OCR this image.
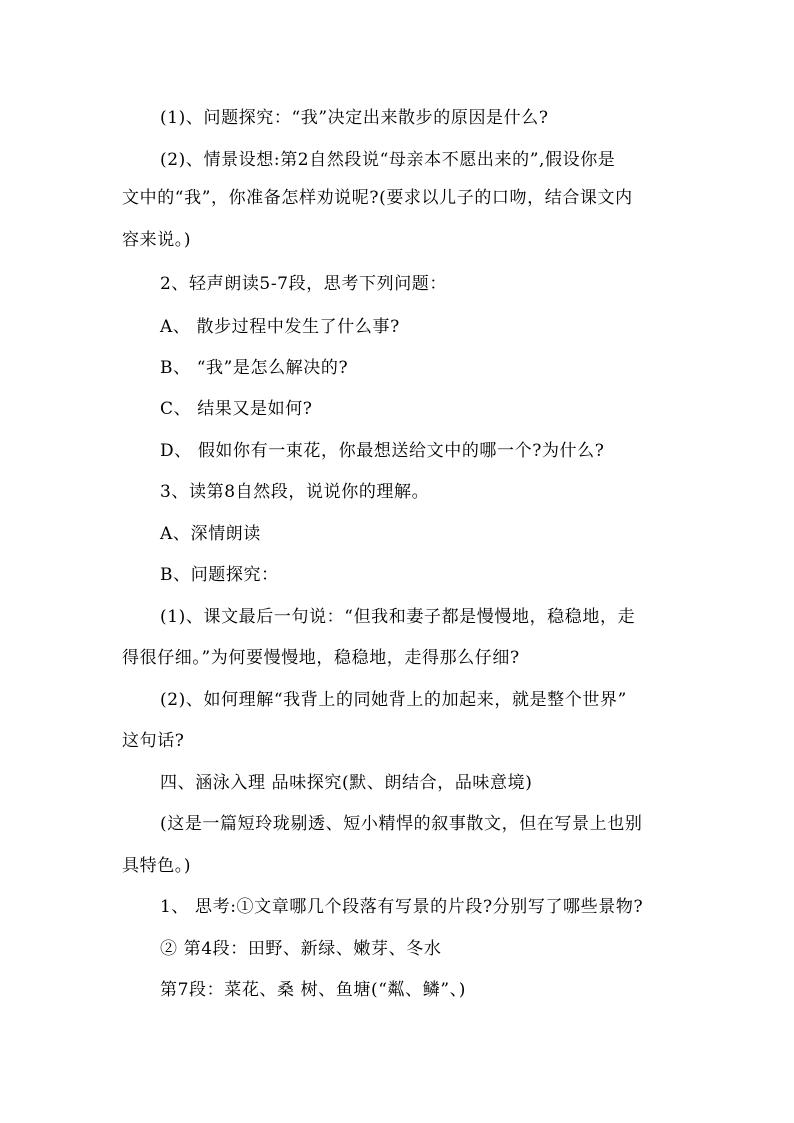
(1)、问题探究：“我”决定出来散步的原因是什么?
(2)、情景设想:第2自然段说“母亲本不愿出来的”,假设你是
文中的“我”，你准备怎样劝说呢?(要求以儿子的口吻，结合课文内
容来说。)
2、轻声朗读5-7段，思考下列问题：
A、 散步过程中发生了什么事?
B、 “我”是怎么解决的?
C、 结果又是如何?
D、 假如你有一束花，你最想送给文中的哪一个?为什么?
3、读第8自然段，说说你的理解。
A、深情朗读
B、问题探究：
(1)、课文最后一句说：“但我和妻子都是慢慢地，稳稳地，走
得很仔细。”为何要慢慢地，稳稳地，走得那么仔细?
(2)、如何理解“我背上的同她背上的加起来，就是整个世界”
这句话?
四、涵泳入理 品味探究(默、朗结合，品味意境)
(这是一篇短玲珑剔透、短小精悍的叙事散文，但在写景上也别
具特色。)
1、 思考:①文章哪几个段落有写景的片段?分别写了哪些景物?
② 第4段：田野、新绿、嫩芽、冬水
第7段：菜花、桑 树、鱼塘(“粼、鳞”、)
